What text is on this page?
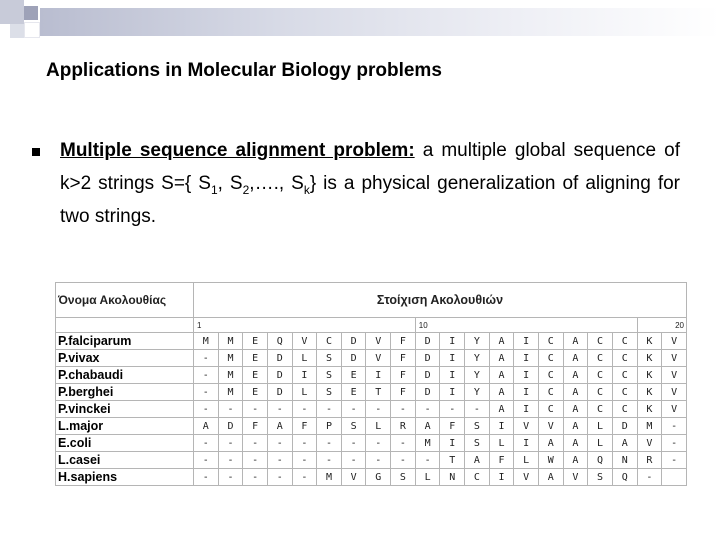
Applications in Molecular Biology problems

Multiple sequence alignment problem: a multiple global sequence of k>2 strings S={ $S_1$, $S_2,\dots$., $S_k$} is a physical generalization of aligning for two strings.

Όνομα Ακολουθίας	Στοίχιση Ακολουθιών																			
	1									10									20	
P.falciparum	M	M	E	Q	V	C	D	V	F	D	I	Y	A	I	C	A	C	C	K	V
P.vivax	-	M	E	D	L	S	D	V	F	D	I	Y	A	I	C	A	C	C	K	V
P.chabaudi	-	M	E	D	I	S	E	I	F	D	I	Y	A	I	C	A	C	C	K	V
P.berghei	-	M	E	D	L	S	E	T	F	D	I	Y	A	I	C	A	C	C	K	V
P.vinckei	-	-	-	-	-	-	-	-	-	-	-	-	A	I	C	A	C	C	K	V
L.major	A	D	F	A	F	P	S	L	R	A	F	S	I	V	V	A	L	D	M	-
E.coli	-	-	-	-	-	-	-	-	-	M	I	S	L	I	A	A	L	A	V	-
L.casei	-	-	-	-	-	-	-	-	-	-	T	A	F	L	W	A	Q	N	R	-
H.sapiens	-	-	-	-	-	M	V	G	S	L	N	C	I	V	A	V	S	Q	-	
